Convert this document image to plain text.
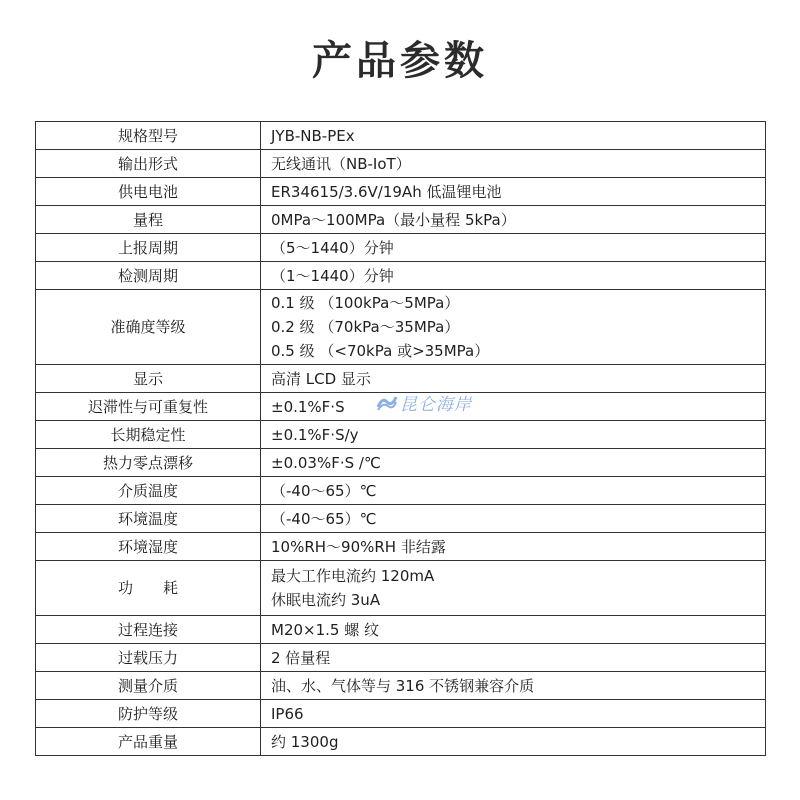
产品参数
规格型号	JYB-NB-PEx

输出形式	无线通讯（NB-IoT）

供电电池	ER34615/3.6V/19Ah 低温锂电池

量程	0MPa～100MPa（最小量程 5kPa）

上报周期	（5～1440）分钟

检测周期	（1～1440）分钟

准确度等级	0.1 级 （100kPa～5MPa）
0.2 级 （70kPa～35MPa）
0.5 级 （<70kPa 或>35MPa）

显示	高清 LCD 显示

迟滞性与可重复性	±0.1%F·S

长期稳定性	±0.1%F·S/y

热力零点漂移	±0.03%F·S /℃

介质温度	（-40～65）℃

环境温度	（-40～65）℃

环境湿度	10%RH～90%RH 非结露

功　　耗	最大工作电流约 120mA
休眠电流约 3uA

过程连接	M20×1.5 螺 纹

过载压力	2 倍量程

测量介质	油、水、气体等与 316 不锈钢兼容介质

防护等级	IP66

产品重量	约 1300g
昆仑海岸
